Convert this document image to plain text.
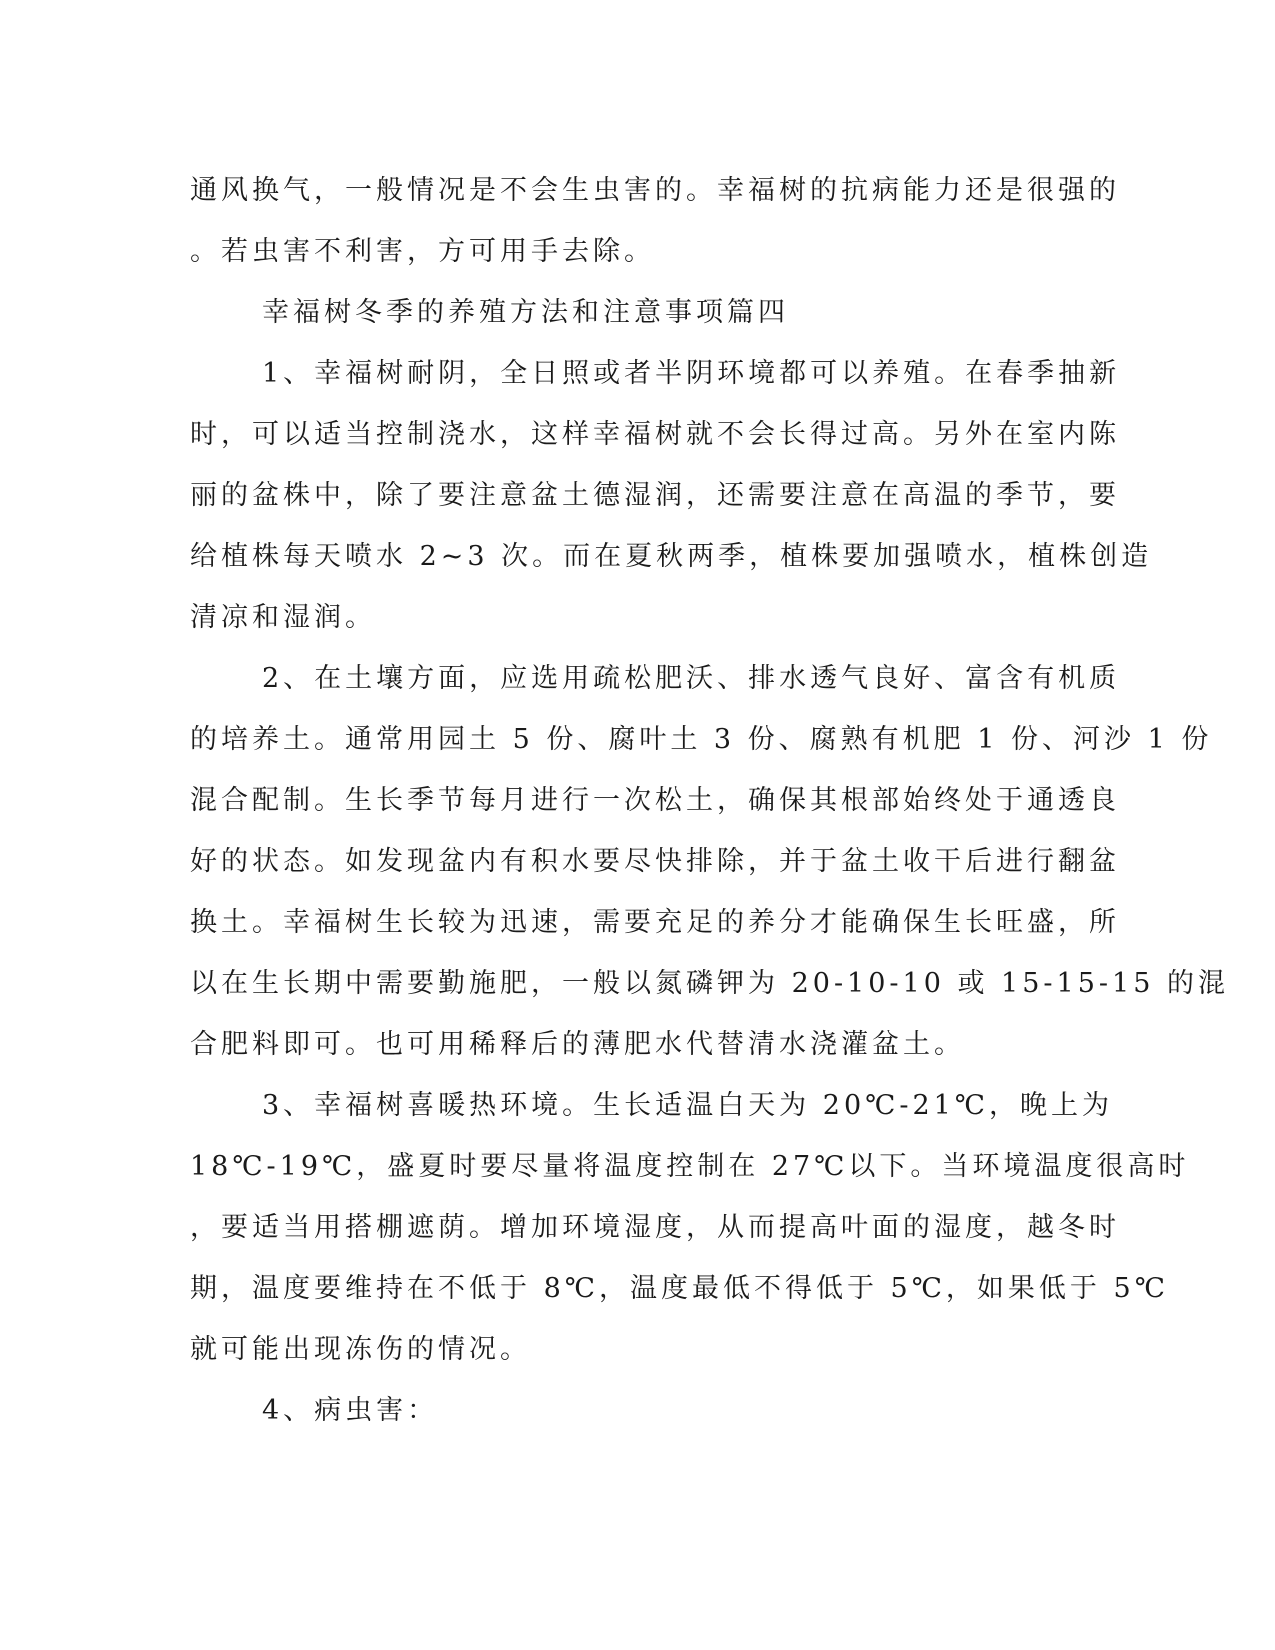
通风换气，一般情况是不会生虫害的。幸福树的抗病能力还是很强的
。若虫害不利害，方可用手去除。
幸福树冬季的养殖方法和注意事项篇四
1、幸福树耐阴，全日照或者半阴环境都可以养殖。在春季抽新
时，可以适当控制浇水，这样幸福树就不会长得过高。另外在室内陈
丽的盆株中，除了要注意盆土德湿润，还需要注意在高温的季节，要
给植株每天喷水 2~3 次。而在夏秋两季，植株要加强喷水，植株创造
清凉和湿润。
2、在土壤方面，应选用疏松肥沃、排水透气良好、富含有机质
的培养土。通常用园土 5 份、腐叶土 3 份、腐熟有机肥 1 份、河沙 1 份
混合配制。生长季节每月进行一次松土，确保其根部始终处于通透良
好的状态。如发现盆内有积水要尽快排除，并于盆土收干后进行翻盆
换土。幸福树生长较为迅速，需要充足的养分才能确保生长旺盛，所
以在生长期中需要勤施肥，一般以氮磷钾为 20-10-10 或 15-15-15 的混
合肥料即可。也可用稀释后的薄肥水代替清水浇灌盆土。
3、幸福树喜暖热环境。生长适温白天为 20℃-21℃，晚上为
18℃-19℃，盛夏时要尽量将温度控制在 27℃以下。当环境温度很高时
，要适当用搭棚遮荫。增加环境湿度，从而提高叶面的湿度，越冬时
期，温度要维持在不低于 8℃，温度最低不得低于 5℃，如果低于 5℃
就可能出现冻伤的情况。
4、病虫害：
